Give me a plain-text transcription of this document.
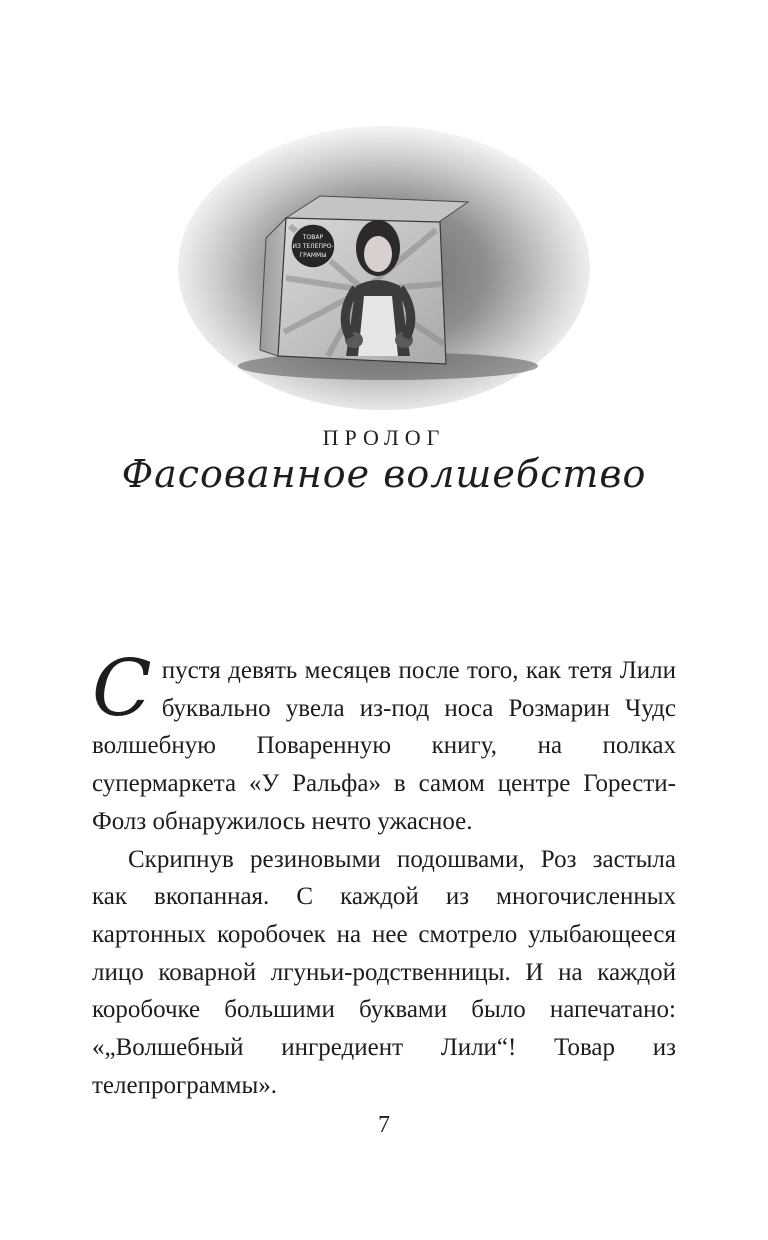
ТОВАР
ИЗ ТЕЛЕПРО-
ГРАММЫ
ПРОЛОГ
Фасованное волшебство

Спустя девять месяцев после того, как тетя Лили буквально увела из-под носа Розмарин Чудс волшебную Поваренную книгу, на полках супермаркета «У Ральфа» в самом центре Горести-Фолз обнаружилось нечто ужасное.

Скрипнув резиновыми подошвами, Роз застыла как вкопанная. С каждой из многочисленных картонных коробочек на нее смотрело улыбающееся лицо коварной лгуньи-родственницы. И на каждой коробочке большими буквами было напечатано: «„Волшебный ингредиент Лили“! Товар из телепрограммы».

7
